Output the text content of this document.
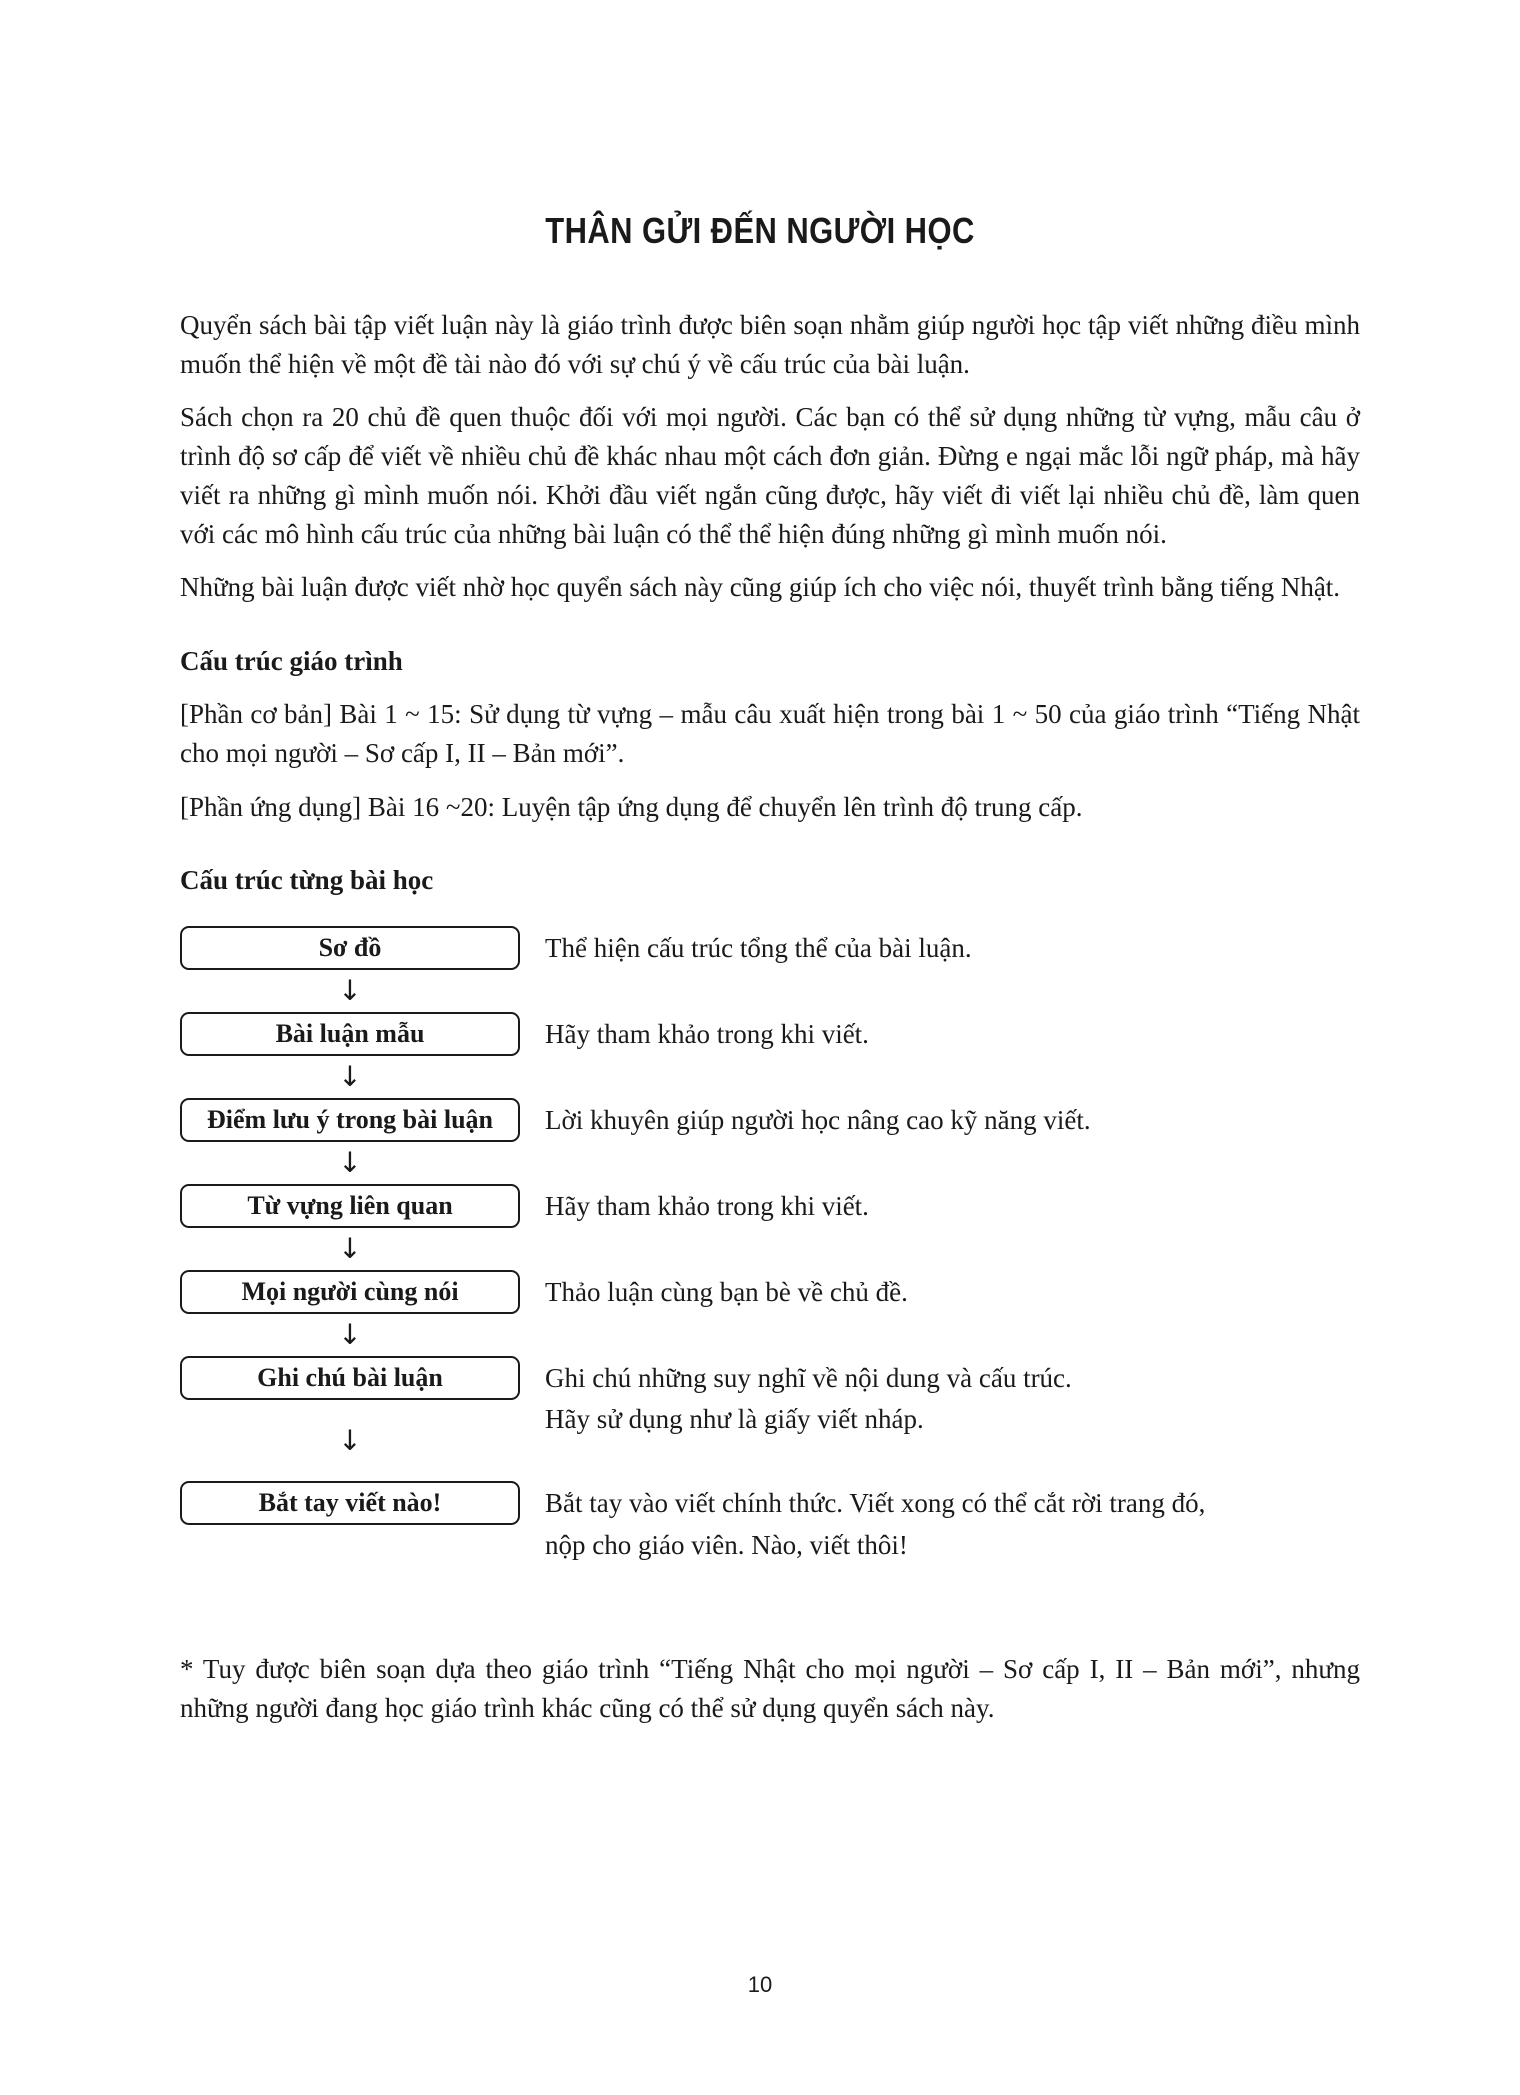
THÂN GỬI ĐẾN NGƯỜI HỌC

Quyển sách bài tập viết luận này là giáo trình được biên soạn nhằm giúp người học tập viết những điều mình muốn thể hiện về một đề tài nào đó với sự chú ý về cấu trúc của bài luận.

Sách chọn ra 20 chủ đề quen thuộc đối với mọi người. Các bạn có thể sử dụng những từ vựng, mẫu câu ở trình độ sơ cấp để viết về nhiều chủ đề khác nhau một cách đơn giản. Đừng e ngại mắc lỗi ngữ pháp, mà hãy viết ra những gì mình muốn nói. Khởi đầu viết ngắn cũng được, hãy viết đi viết lại nhiều chủ đề, làm quen với các mô hình cấu trúc của những bài luận có thể thể hiện đúng những gì mình muốn nói.

Những bài luận được viết nhờ học quyển sách này cũng giúp ích cho việc nói, thuyết trình bằng tiếng Nhật.

Cấu trúc giáo trình

[Phần cơ bản] Bài 1 ~ 15: Sử dụng từ vựng – mẫu câu xuất hiện trong bài 1 ~ 50 của giáo trình “Tiếng Nhật cho mọi người – Sơ cấp I, II – Bản mới”.

[Phần ứng dụng] Bài 16 ~20: Luyện tập ứng dụng để chuyển lên trình độ trung cấp.

Cấu trúc từng bài học
Sơ đồ	Thể hiện cấu trúc tổng thể của bài luận.

↓
Bài luận mẫu	Hãy tham khảo trong khi viết.

↓
Điểm lưu ý trong bài luận	Lời khuyên giúp người học nâng cao kỹ năng viết.

↓
Từ vựng liên quan	Hãy tham khảo trong khi viết.

↓
Mọi người cùng nói	Thảo luận cùng bạn bè về chủ đề.

↓
Ghi chú bài luận	Ghi chú những suy nghĩ về nội dung và cấu trúc.

Hãy sử dụng như là giấy viết nháp.

↓
Bắt tay viết nào!	Bắt tay vào viết chính thức. Viết xong có thể cắt rời trang đó,

nộp cho giáo viên. Nào, viết thôi!

* Tuy được biên soạn dựa theo giáo trình “Tiếng Nhật cho mọi người – Sơ cấp I, II – Bản mới”, nhưng những người đang học giáo trình khác cũng có thể sử dụng quyển sách này.

10
